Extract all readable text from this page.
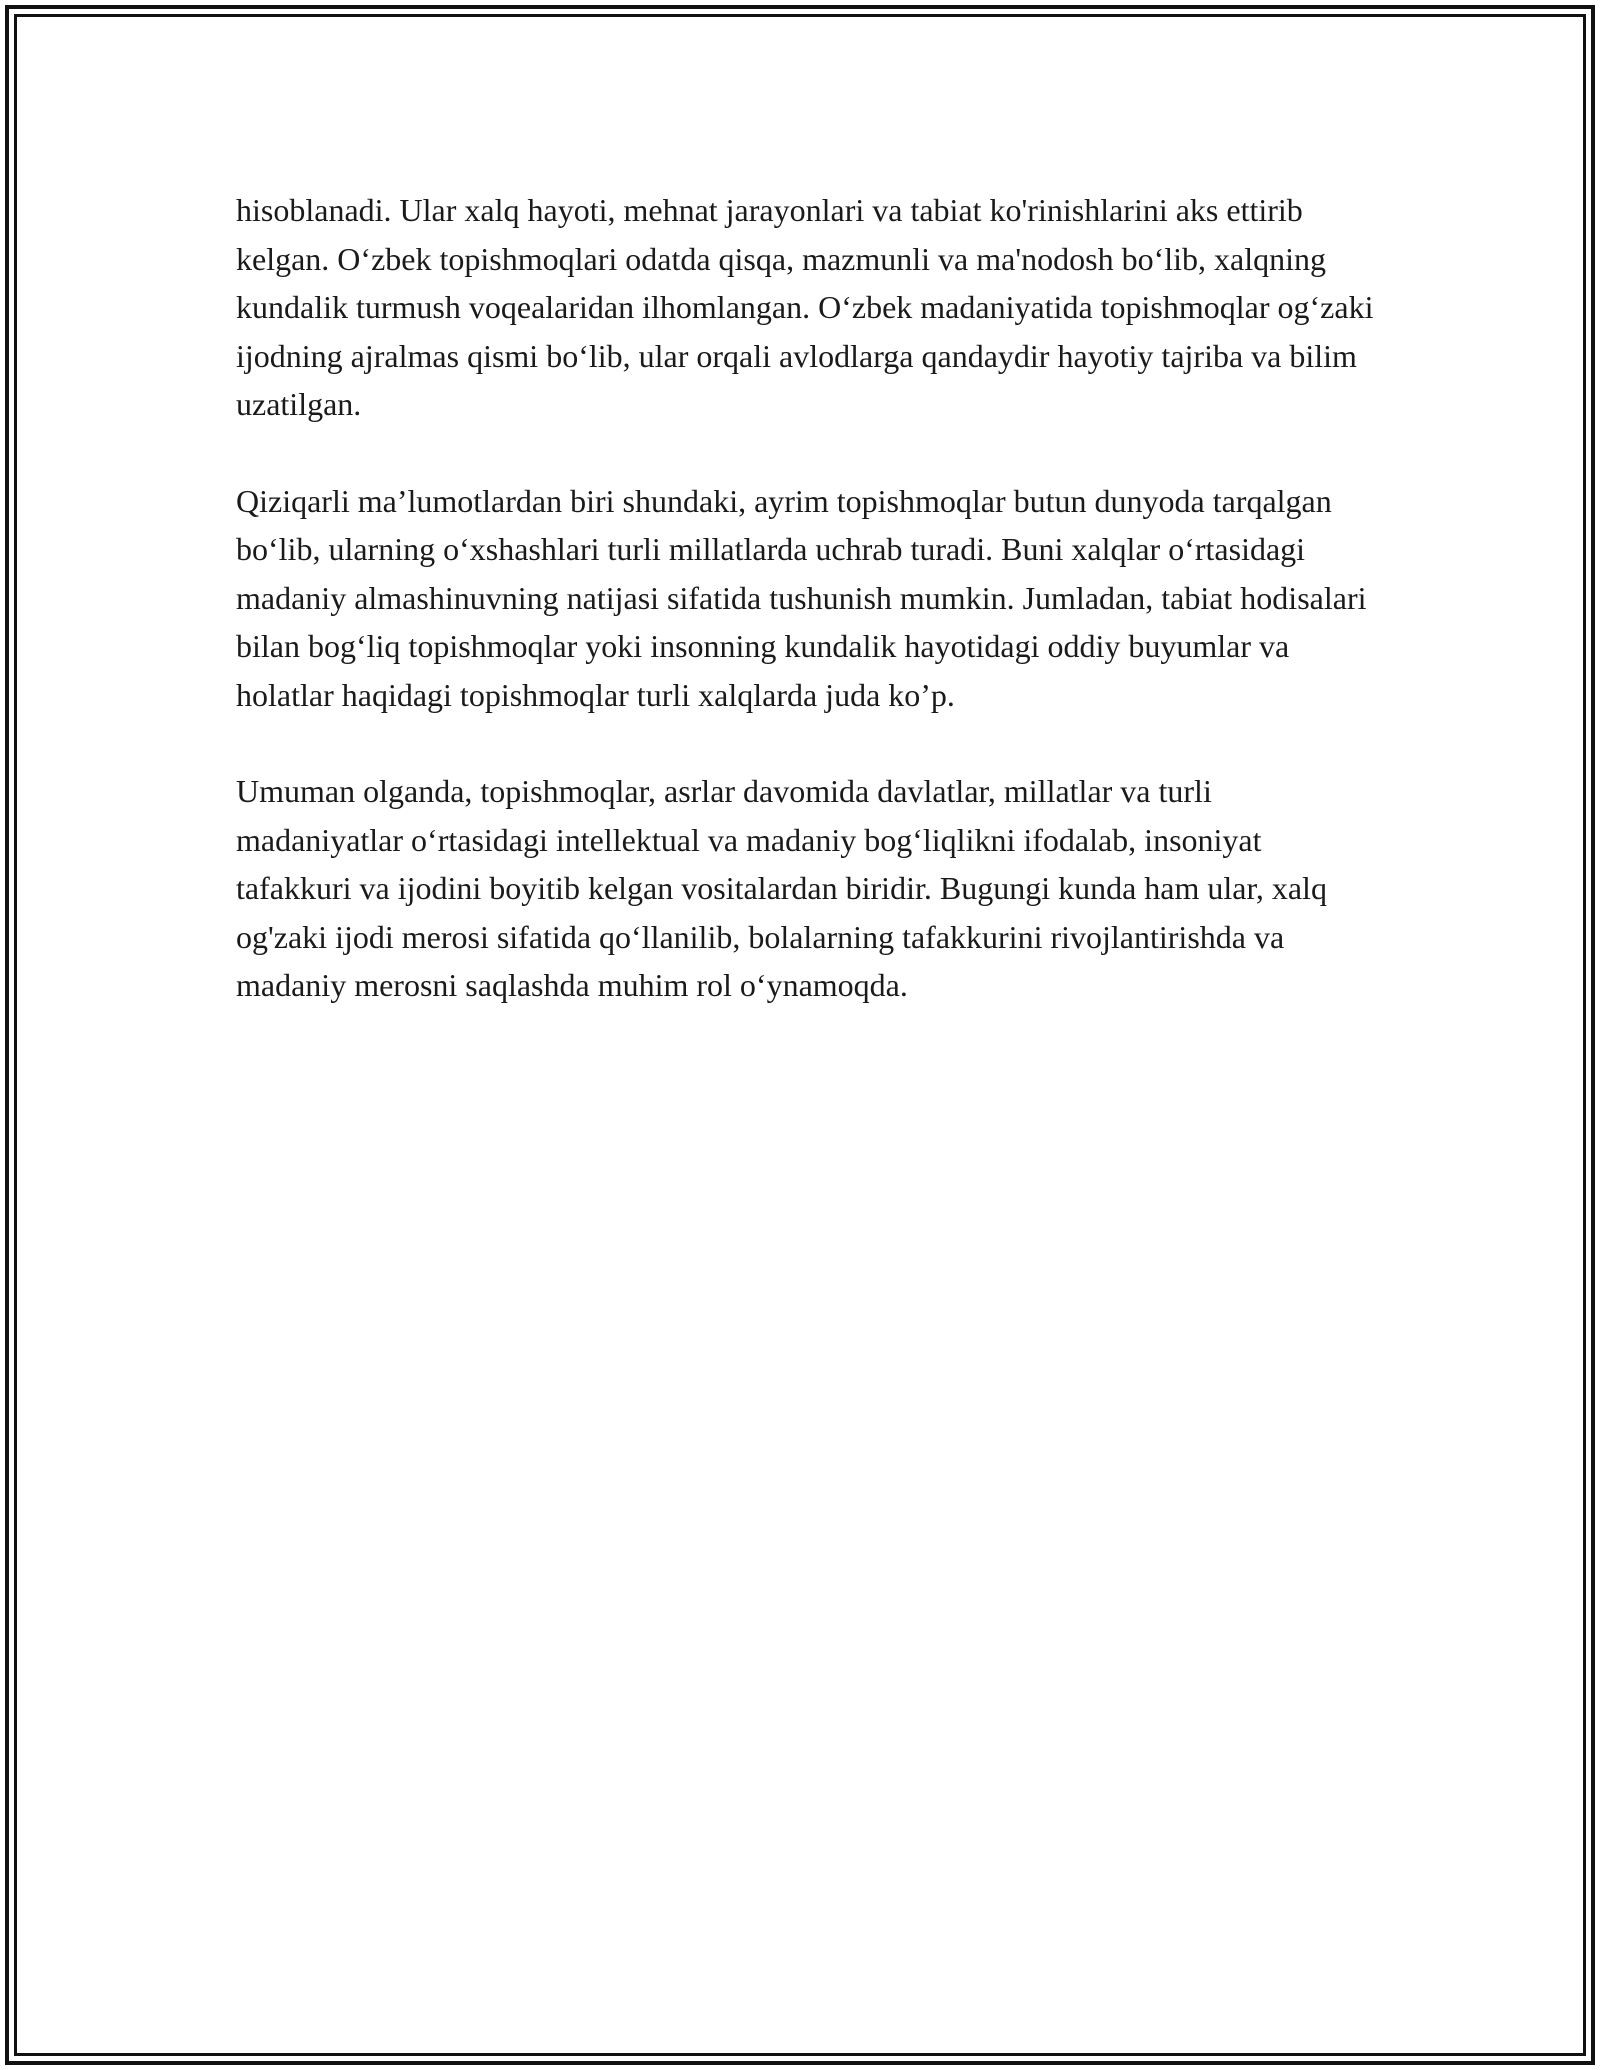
hisoblanadi. Ular xalq hayoti, mehnat jarayonlari va tabiat ko'rinishlarini aks ettirib kelgan. O‘zbek topishmoqlari odatda qisqa, mazmunli va ma'nodosh bo‘lib, xalqning kundalik turmush voqealaridan ilhomlangan. O‘zbek madaniyatida topishmoqlar og‘zaki ijodning ajralmas qismi bo‘lib, ular orqali avlodlarga qandaydir hayotiy tajriba va bilim uzatilgan.

Qiziqarli ma’lumotlardan biri shundaki, ayrim topishmoqlar butun dunyoda tarqalgan bo‘lib, ularning o‘xshashlari turli millatlarda uchrab turadi. Buni xalqlar o‘rtasidagi madaniy almashinuvning natijasi sifatida tushunish mumkin. Jumladan, tabiat hodisalari bilan bog‘liq topishmoqlar yoki insonning kundalik hayotidagi oddiy buyumlar va holatlar haqidagi topishmoqlar turli xalqlarda juda ko’p.

Umuman olganda, topishmoqlar, asrlar davomida davlatlar, millatlar va turli madaniyatlar o‘rtasidagi intellektual va madaniy bog‘liqlikni ifodalab, insoniyat tafakkuri va ijodini boyitib kelgan vositalardan biridir. Bugungi kunda ham ular, xalq og'zaki ijodi merosi sifatida qo‘llanilib, bolalarning tafakkurini rivojlantirishda va madaniy merosni saqlashda muhim rol o‘ynamoqda.
